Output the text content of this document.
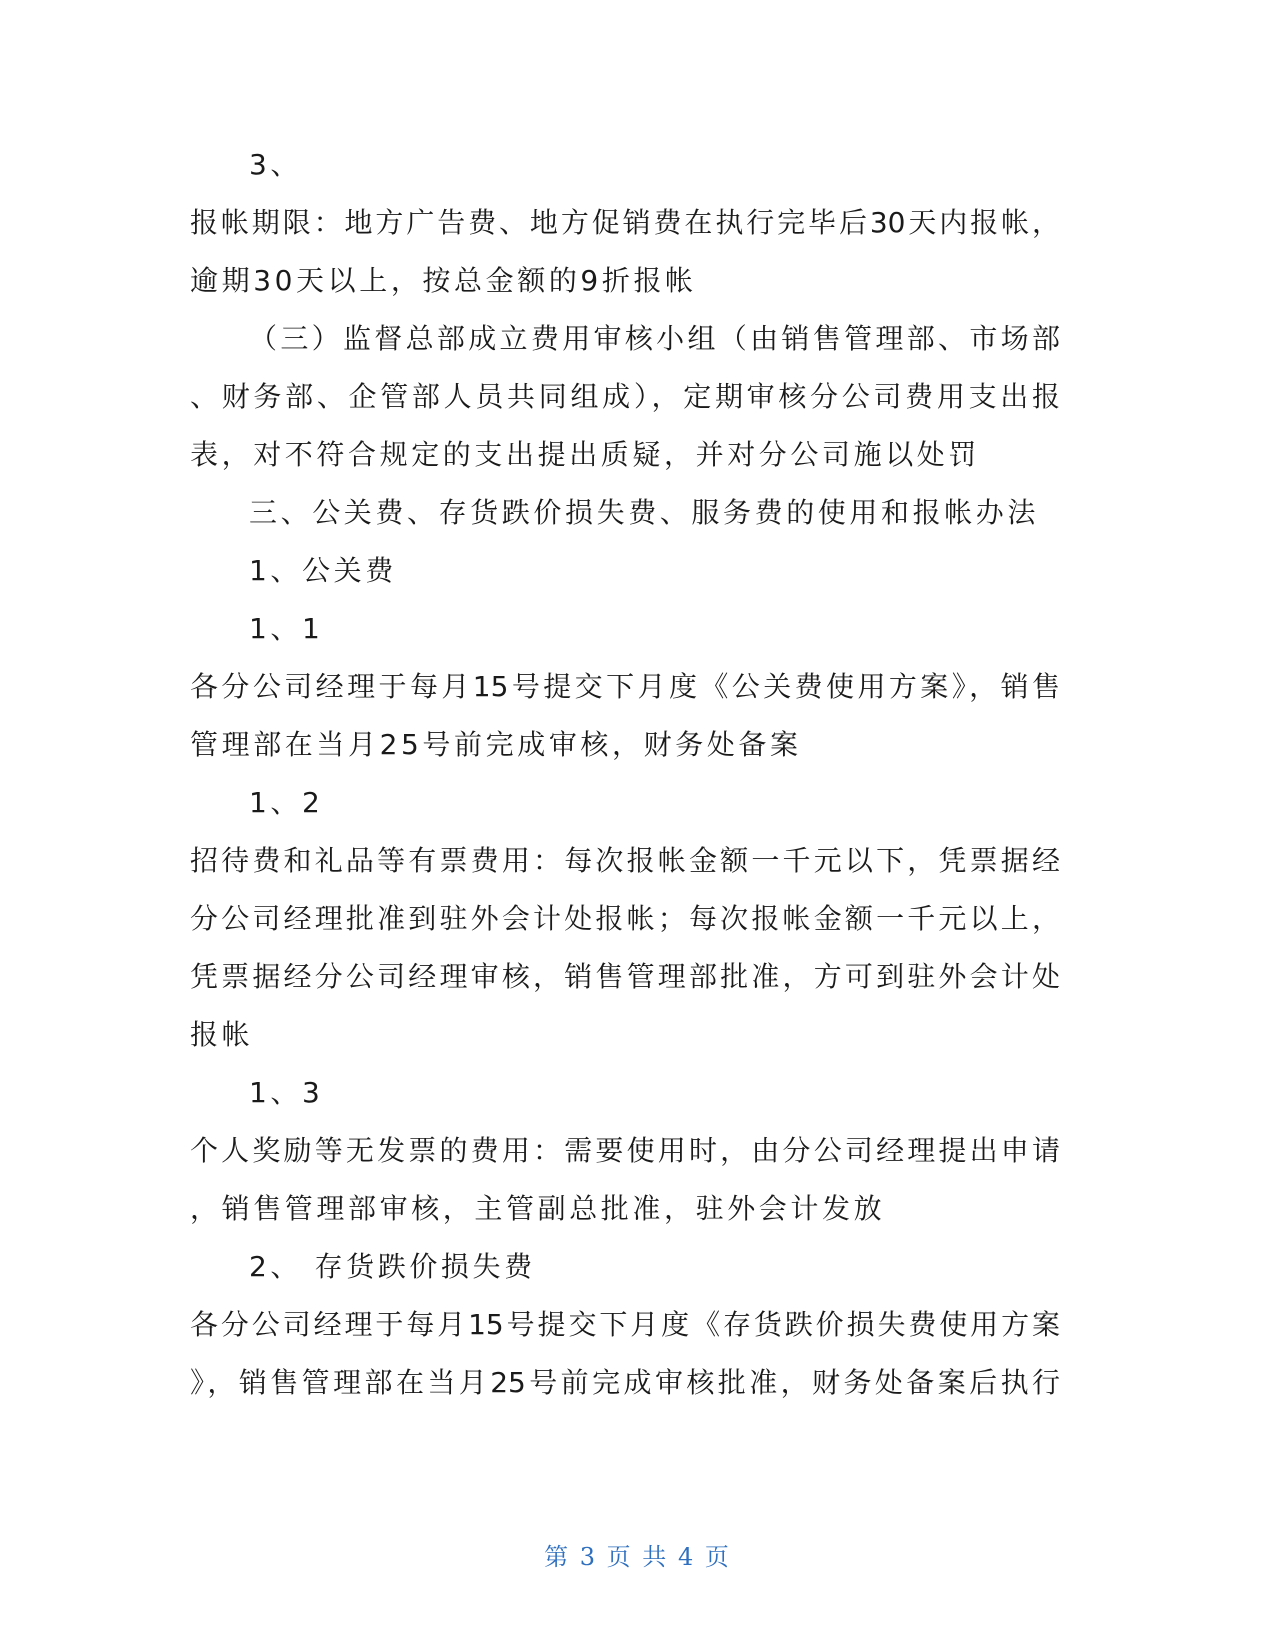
3、
报帐期限：地方广告费、地方促销费在执行完毕后30天内报帐，
逾期30天以上，按总金额的9折报帐
（三）监督总部成立费用审核小组（由销售管理部、市场部
、财务部、企管部人员共同组成），定期审核分公司费用支出报
表，对不符合规定的支出提出质疑，并对分公司施以处罚
三、公关费、存货跌价损失费、服务费的使用和报帐办法
1、公关费
1、1
各分公司经理于每月15号提交下月度《公关费使用方案》，销售
管理部在当月25号前完成审核，财务处备案
1、2
招待费和礼品等有票费用：每次报帐金额一千元以下，凭票据经
分公司经理批准到驻外会计处报帐；每次报帐金额一千元以上，
凭票据经分公司经理审核，销售管理部批准，方可到驻外会计处
报帐
1、3
个人奖励等无发票的费用：需要使用时，由分公司经理提出申请
，销售管理部审核，主管副总批准，驻外会计发放
2、 存货跌价损失费
各分公司经理于每月15号提交下月度《存货跌价损失费使用方案
》，销售管理部在当月25号前完成审核批准，财务处备案后执行
第 3 页 共 4 页
